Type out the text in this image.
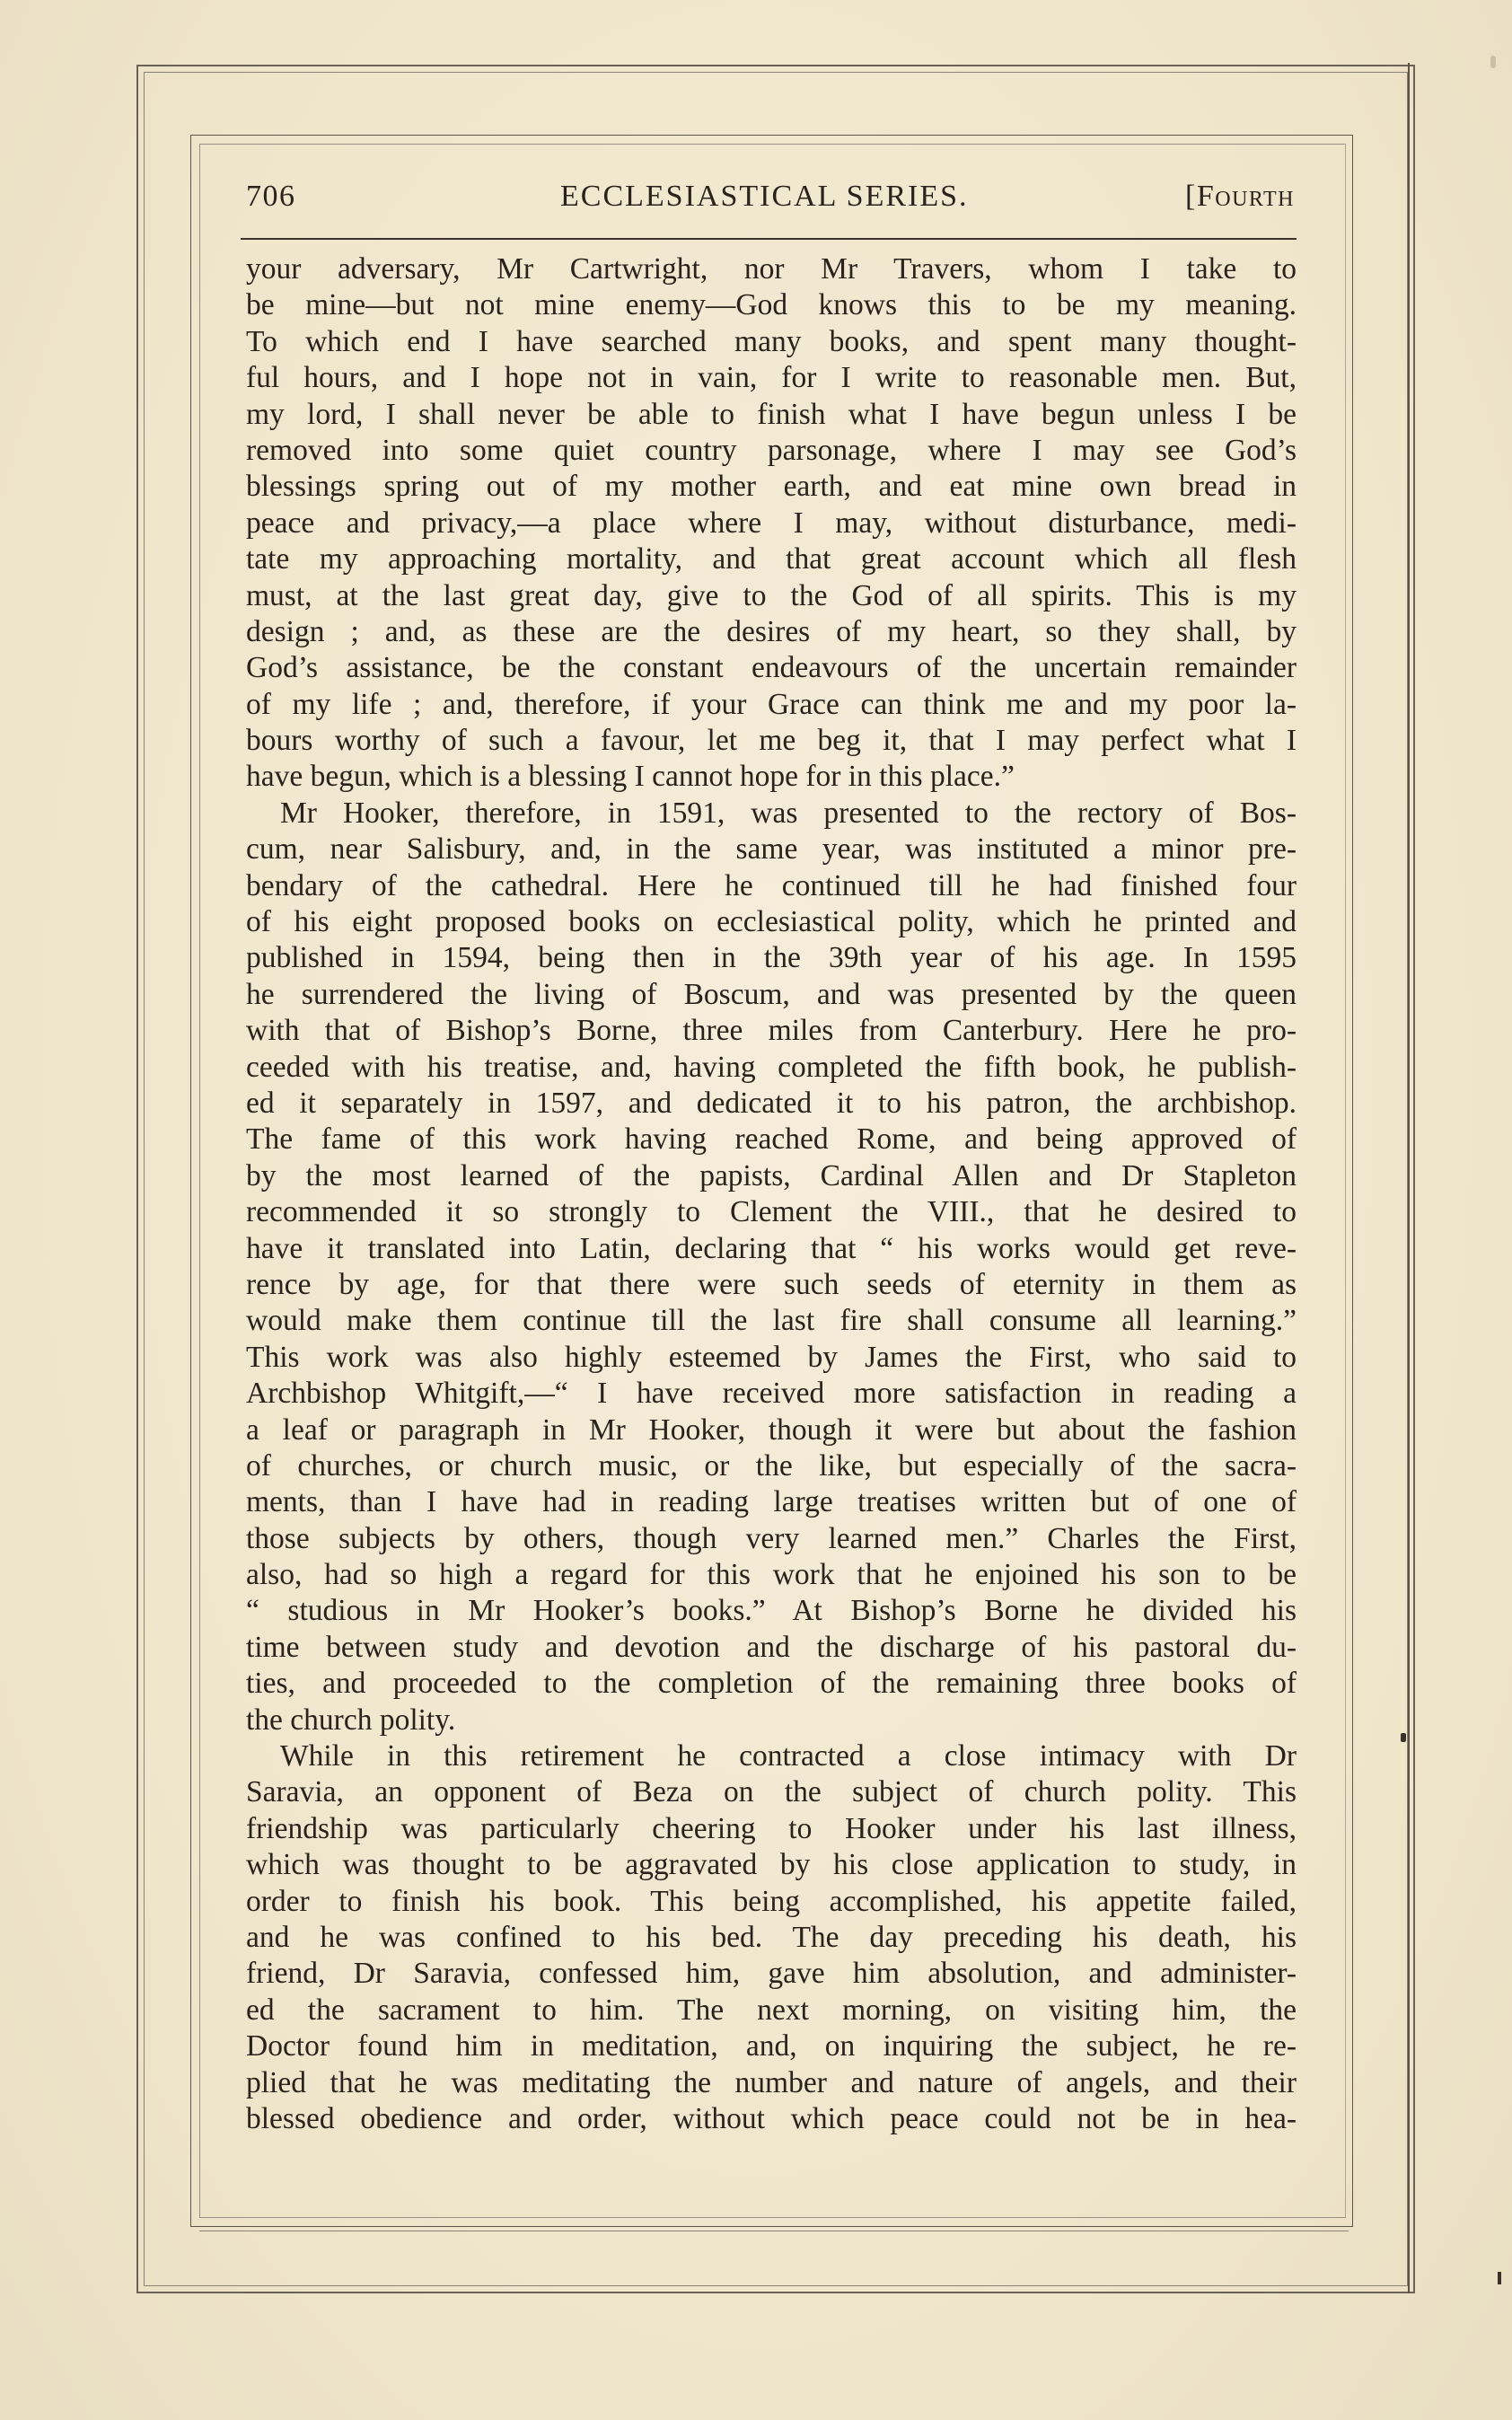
706	ECCLESIASTICAL SERIES.	[Fourth
your adversary, Mr Cartwright, nor Mr Travers, whom I take to
be mine—but not mine enemy—God knows this to be my meaning.
To which end I have searched many books, and spent many thought-
ful hours, and I hope not in vain, for I write to reasonable men. But,
my lord, I shall never be able to finish what I have begun unless I be
removed into some quiet country parsonage, where I may see God’s
blessings spring out of my mother earth, and eat mine own bread in
peace and privacy,—a place where I may, without disturbance, medi-
tate my approaching mortality, and that great account which all flesh
must, at the last great day, give to the God of all spirits. This is my
design ; and, as these are the desires of my heart, so they shall, by
God’s assistance, be the constant endeavours of the uncertain remainder
of my life ; and, therefore, if your Grace can think me and my poor la-
bours worthy of such a favour, let me beg it, that I may perfect what I
have begun, which is a blessing I cannot hope for in this place.”
Mr Hooker, therefore, in 1591, was presented to the rectory of Bos-
cum, near Salisbury, and, in the same year, was instituted a minor pre-
bendary of the cathedral. Here he continued till he had finished four
of his eight proposed books on ecclesiastical polity, which he printed and
published in 1594, being then in the 39th year of his age. In 1595
he surrendered the living of Boscum, and was presented by the queen
with that of Bishop’s Borne, three miles from Canterbury. Here he pro-
ceeded with his treatise, and, having completed the fifth book, he publish-
ed it separately in 1597, and dedicated it to his patron, the archbishop.
The fame of this work having reached Rome, and being approved of
by the most learned of the papists, Cardinal Allen and Dr Stapleton
recommended it so strongly to Clement the VIII., that he desired to
have it translated into Latin, declaring that “ his works would get reve-
rence by age, for that there were such seeds of eternity in them as
would make them continue till the last fire shall consume all learning.”
This work was also highly esteemed by James the First, who said to
Archbishop Whitgift,—“ I have received more satisfaction in reading a
a leaf or paragraph in Mr Hooker, though it were but about the fashion
of churches, or church music, or the like, but especially of the sacra-
ments, than I have had in reading large treatises written but of one of
those subjects by others, though very learned men.” Charles the First,
also, had so high a regard for this work that he enjoined his son to be
“ studious in Mr Hooker’s books.” At Bishop’s Borne he divided his
time between study and devotion and the discharge of his pastoral du-
ties, and proceeded to the completion of the remaining three books of
the church polity.
While in this retirement he contracted a close intimacy with Dr
Saravia, an opponent of Beza on the subject of church polity. This
friendship was particularly cheering to Hooker under his last illness,
which was thought to be aggravated by his close application to study, in
order to finish his book. This being accomplished, his appetite failed,
and he was confined to his bed. The day preceding his death, his
friend, Dr Saravia, confessed him, gave him absolution, and administer-
ed the sacrament to him. The next morning, on visiting him, the
Doctor found him in meditation, and, on inquiring the subject, he re-
plied that he was meditating the number and nature of angels, and their
blessed obedience and order, without which peace could not be in hea-
